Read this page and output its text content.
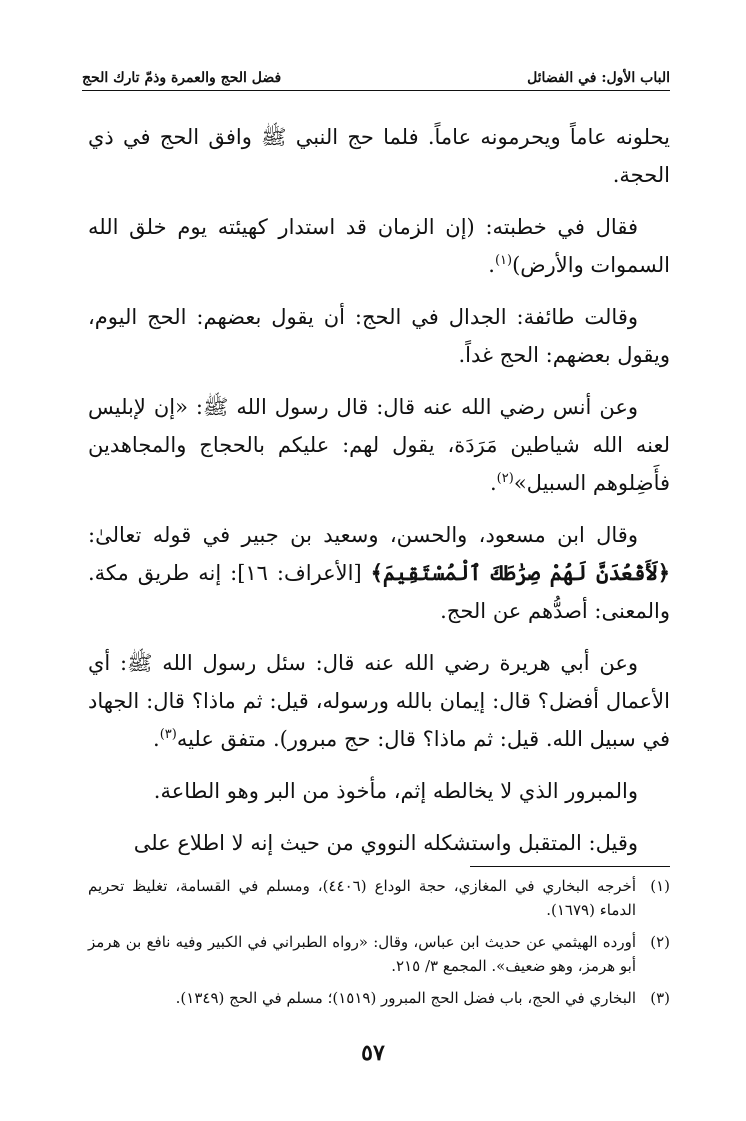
الباب الأول: في الفضائل
فضل الحج والعمرة وذمّ تارك الحج

يحلونه عاماً ويحرمونه عاماً. فلما حج النبي ﷺ وافق الحج في ذي الحجة.

فقال في خطبته: (إن الزمان قد استدار كهيئته يوم خلق الله السموات والأرض)$^{(١)}$.

وقالت طائفة: الجدال في الحج: أن يقول بعضهم: الحج اليوم، ويقول بعضهم: الحج غداً.

وعن أنس رضي الله عنه قال: قال رسول الله ﷺ: «إن لإبليس لعنه الله شياطين مَرَدَة، يقول لهم: عليكم بالحجاج والمجاهدين فأَضِلوهم السبيل»$^{(٢)}$.

وقال ابن مسعود، والحسن، وسعيد بن جبير في قوله تعالىٰ: ﴿لَأَقْعُدَنَّ لَهُمْ صِرَٰطَكَ ٱلْمُسْتَقِيمَ﴾ [الأعراف: ١٦]: إنه طريق مكة. والمعنى: أصدُّهم عن الحج.

وعن أبي هريرة رضي الله عنه قال: سئل رسول الله ﷺ: أي الأعمال أفضل؟ قال: إيمان بالله ورسوله، قيل: ثم ماذا؟ قال: الجهاد في سبيل الله. قيل: ثم ماذا؟ قال: حج مبرور). متفق عليه$^{(٣)}$.

والمبرور الذي لا يخالطه إثم، مأخوذ من البر وهو الطاعة.

وقيل: المتقبل واستشكله النووي من حيث إنه لا اطلاع على

(١)
أخرجه البخاري في المغازي، حجة الوداع (٤٤٠٦)، ومسلم في القسامة، تغليظ تحريم الدماء (١٦٧٩).
(٢)
أورده الهيثمي عن حديث ابن عباس، وقال: «رواه الطبراني في الكبير وفيه نافع بن هرمز أبو هرمز، وهو ضعيف». المجمع ٣/ ٢١٥.
(٣)
البخاري في الحج، باب فضل الحج المبرور (١٥١٩)؛ مسلم في الحج (١٣٤٩).
٥٧
